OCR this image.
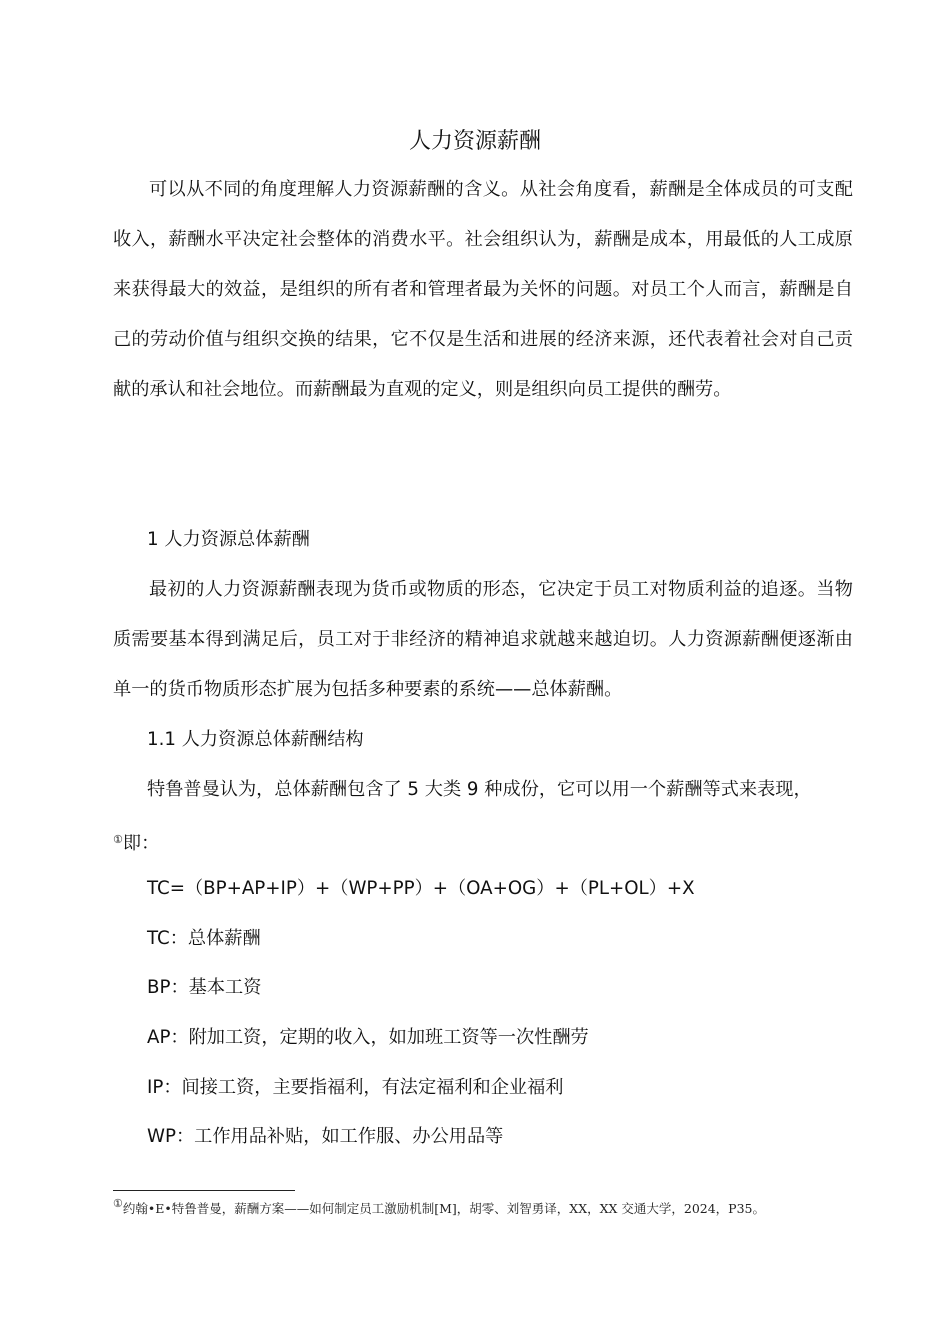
人力资源薪酬

可以从不同的角度理解人力资源薪酬的含义。从社会角度看，薪酬是全体成员的可支配收入，薪酬水平决定社会整体的消费水平。社会组织认为，薪酬是成本，用最低的人工成原来获得最大的效益，是组织的所有者和管理者最为关怀的问题。对员工个人而言，薪酬是自己的劳动价值与组织交换的结果，它不仅是生活和进展的经济来源，还代表着社会对自己贡献的承认和社会地位。而薪酬最为直观的定义，则是组织向员工提供的酬劳。

1 人力资源总体薪酬

最初的人力资源薪酬表现为货币或物质的形态，它决定于员工对物质利益的追逐。当物质需要基本得到满足后，员工对于非经济的精神追求就越来越迫切。人力资源薪酬便逐渐由单一的货币物质形态扩展为包括多种要素的系统——总体薪酬。

1.1 人力资源总体薪酬结构

特鲁普曼认为，总体薪酬包含了 5 大类 9 种成份，它可以用一个薪酬等式来表现，

①即：

TC=（BP+AP+IP）+（WP+PP）+（OA+OG）+（PL+OL）+X

TC：总体薪酬

BP：基本工资

AP：附加工资，定期的收入，如加班工资等一次性酬劳

IP：间接工资，主要指福利，有法定福利和企业福利

WP：工作用品补贴，如工作服、办公用品等

①约翰•E•特鲁普曼，薪酬方案——如何制定员工激励机制[M]，胡零、刘智勇译，XX，XX 交通大学，2024，P35。
